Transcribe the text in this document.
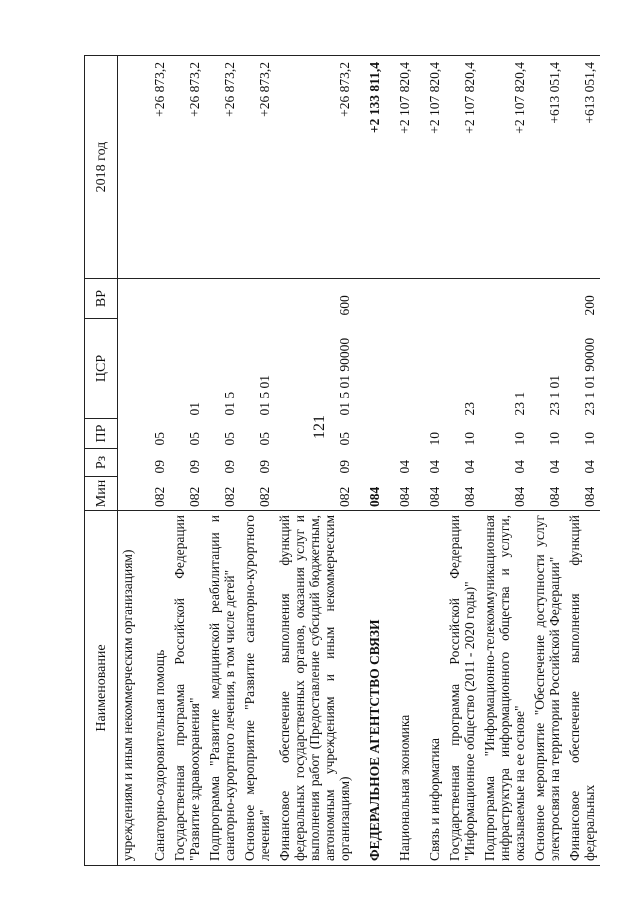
121
Наименование	Мин	Рз	ПР	ЦСР	ВР	2018 год
учреждениям и иным некоммерческим организациям)						
Санаторно-оздоровительная помощь	082	09	05			+26 873,2
Государственная программа Российской Федерации "Развитие здравоохранения"	082	09	05	01		+26 873,2
Подпрограмма "Развитие медицинской реабилитации и санаторно-курортного лечения, в том числе детей"	082	09	05	01 5		+26 873,2
Основное мероприятие "Развитие санаторно-курортного лечения"	082	09	05	01 5 01		+26 873,2
Финансовое обеспечение выполнения функций федеральных государственных органов, оказания услуг и выполнения работ (Предоставление субсидий бюджетным, автономным учреждениям и иным некоммерческим организациям)	082	09	05	01 5 01 90000	600	+26 873,2
ФЕДЕРАЛЬНОЕ АГЕНТСТВО СВЯЗИ	084					+2 133 811,4
Национальная экономика	084	04				+2 107 820,4
Связь и информатика	084	04	10			+2 107 820,4
Государственная программа Российской Федерации "Информационное общество (2011 - 2020 годы)"	084	04	10	23		+2 107 820,4
Подпрограмма "Информационно-телекоммуникационная инфраструктура информационного общества и услуги, оказываемые на ее основе"	084	04	10	23 1		+2 107 820,4
Основное мероприятие "Обеспечение доступности услуг электросвязи на территории Российской Федерации"	084	04	10	23 1 01		+613 051,4
Финансовое обеспечение выполнения функций федеральных	084	04	10	23 1 01 90000	200	+613 051,4
